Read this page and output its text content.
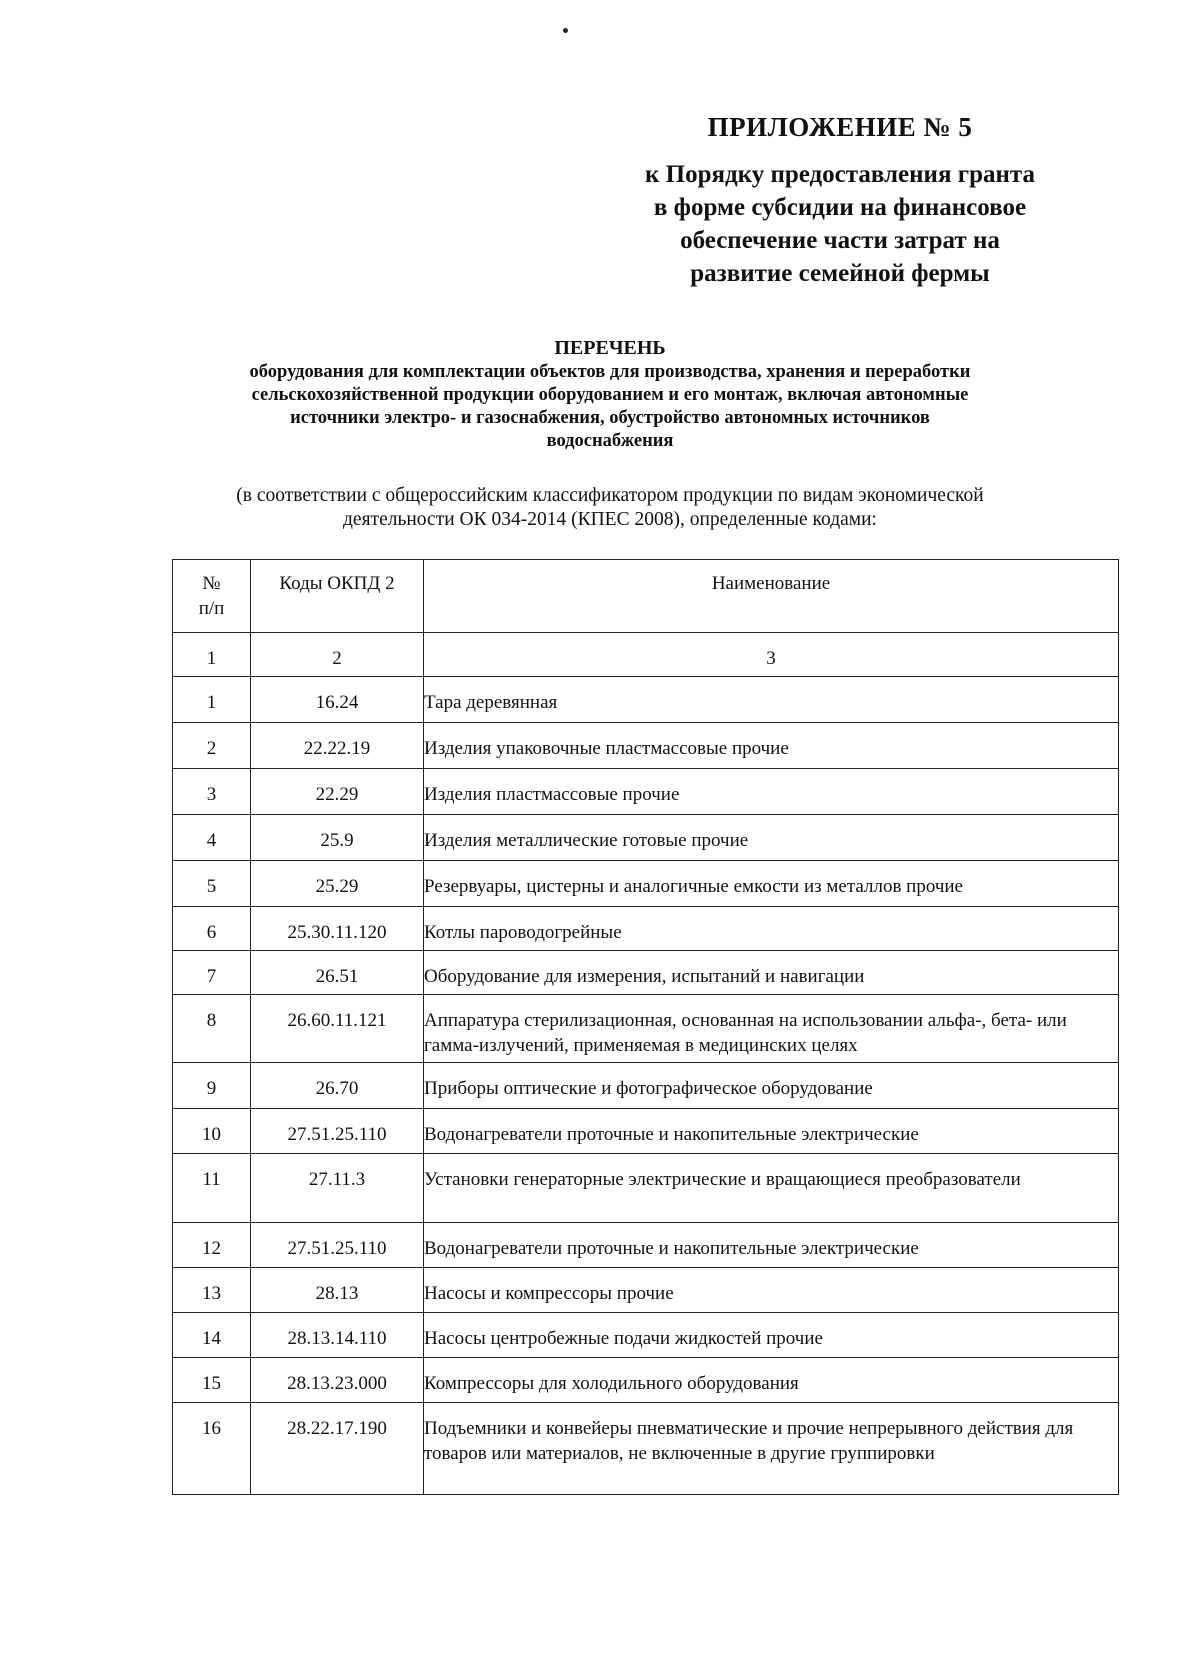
ПРИЛОЖЕНИЕ № 5
к Порядку предоставления гранта
в форме субсидии на финансовое
обеспечение части затрат на
развитие семейной фермы
ПЕРЕЧЕНЬ
оборудования для комплектации объектов для производства, хранения и переработки
сельскохозяйственной продукции оборудованием и его монтаж, включая автономные
источники электро- и газоснабжения, обустройство автономных источников
водоснабжения
(в соответствии с общероссийским классификатором продукции по видам экономической
деятельности ОК 034-2014 (КПЕС 2008), определенные кодами:
№
п/п	Коды ОКПД 2	Наименование

1	2	3

1	16.24	Тара деревянная

2	22.22.19	Изделия упаковочные пластмассовые прочие

3	22.29	Изделия пластмассовые прочие

4	25.9	Изделия металлические готовые прочие

5	25.29	Резервуары, цистерны и аналогичные емкости из металлов прочие

6	25.30.11.120	Котлы пароводогрейные

7	26.51	Оборудование для измерения, испытаний и навигации

8	26.60.11.121	Аппаратура стерилизационная, основанная на использовании альфа-, бета- или гамма-излучений, применяемая в медицинских целях

9	26.70	Приборы оптические и фотографическое оборудование

10	27.51.25.110	Водонагреватели проточные и накопительные электрические

11	27.11.3	Установки генераторные электрические и вращающиеся преобразователи

12	27.51.25.110	Водонагреватели проточные и накопительные электрические

13	28.13	Насосы и компрессоры прочие

14	28.13.14.110	Насосы центробежные подачи жидкостей прочие

15	28.13.23.000	Компрессоры для холодильного оборудования

16	28.22.17.190	Подъемники и конвейеры пневматические и прочие непрерывного действия для товаров или материалов, не включенные в другие группировки
